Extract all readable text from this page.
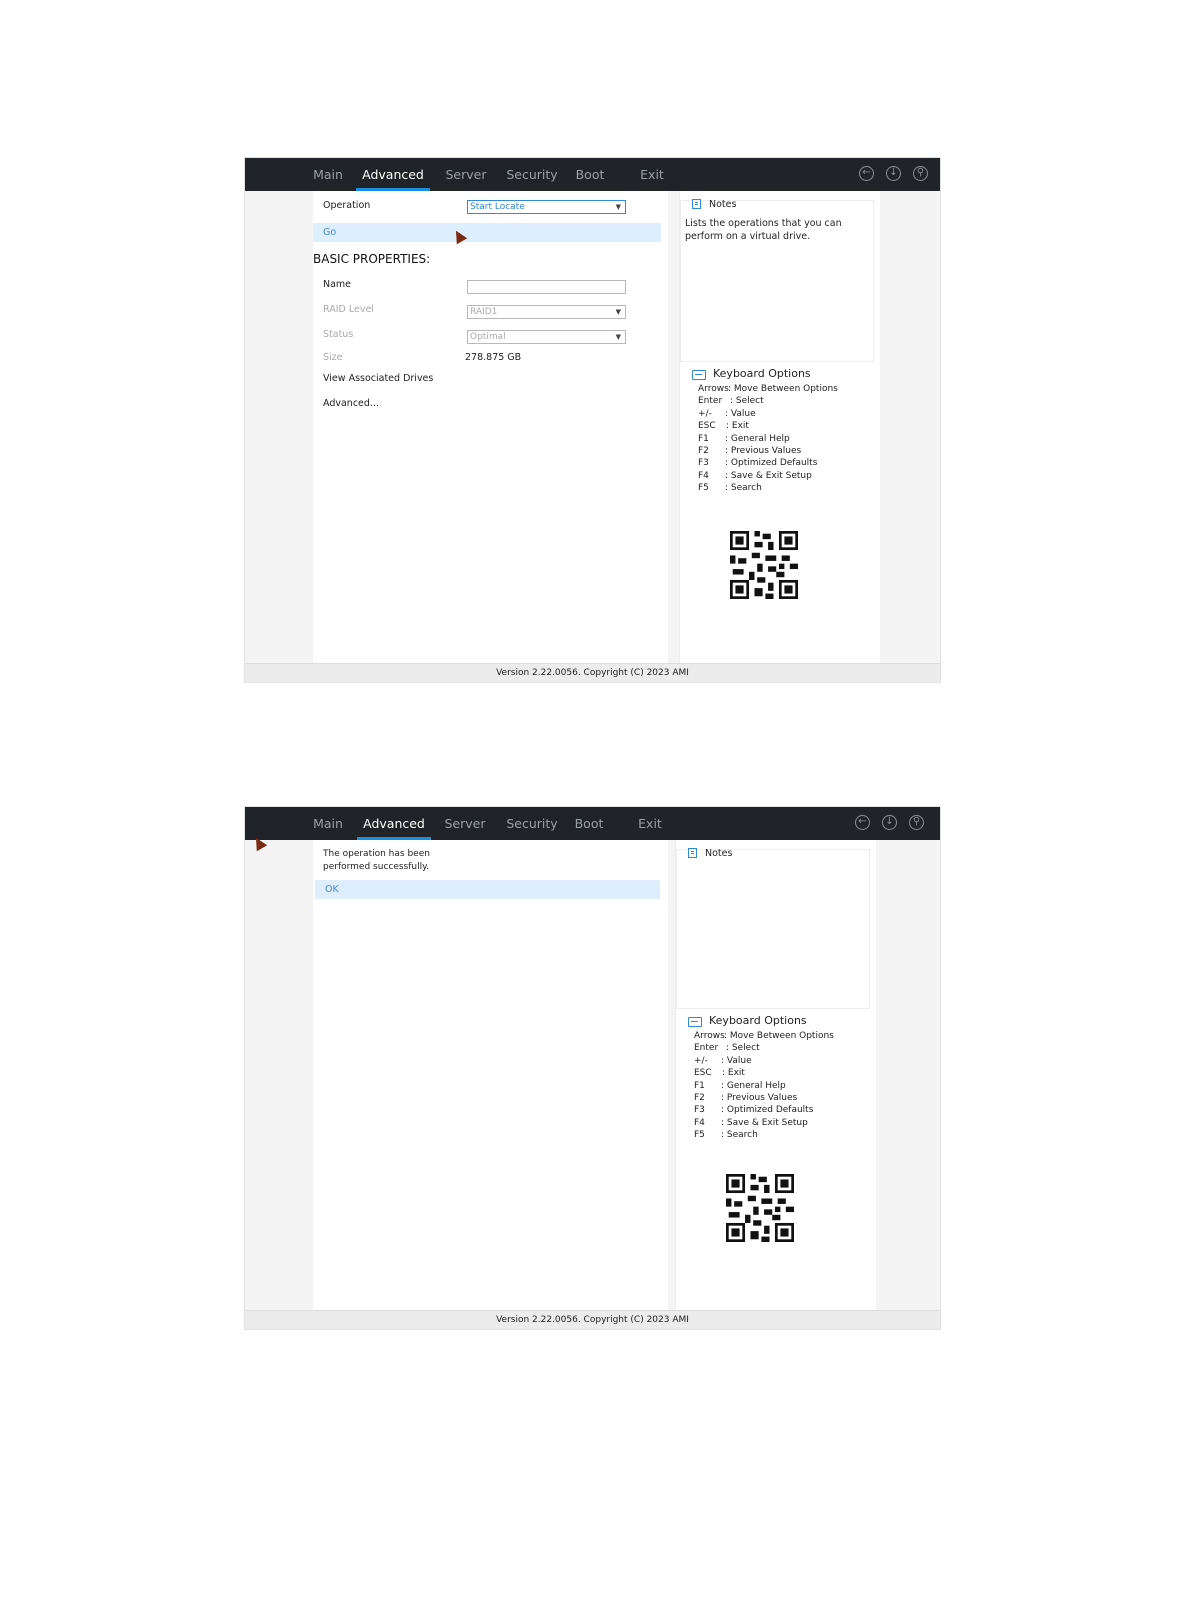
Main	Advanced	Server	Security	Boot	Exit	←	↓	⚲
Operation	Start Locate	▼
Go
BASIC PROPERTIES:
Name
RAID Level	RAID1	▼
Status	Optimal	▼
Size	278.875 GB
View Associated Drives
Advanced...
Notes
Lists the operations that you can perform on a virtual drive.
Keyboard Options
Arrows : Move Between Options
Enter : Select
+/- : Value
ESC : Exit
F1 : General Help
F2 : Previous Values
F3 : Optimized Defaults
F4 : Save & Exit Setup
F5 : Search
Version 2.22.0056. Copyright (C) 2023 AMI
Main	Advanced	Server	Security	Boot	Exit	←	↓	⚲
The operation has been performed successfully.
OK
Notes
Keyboard Options
Arrows : Move Between Options
Enter : Select
+/- : Value
ESC : Exit
F1 : General Help
F2 : Previous Values
F3 : Optimized Defaults
F4 : Save & Exit Setup
F5 : Search
Version 2.22.0056. Copyright (C) 2023 AMI
